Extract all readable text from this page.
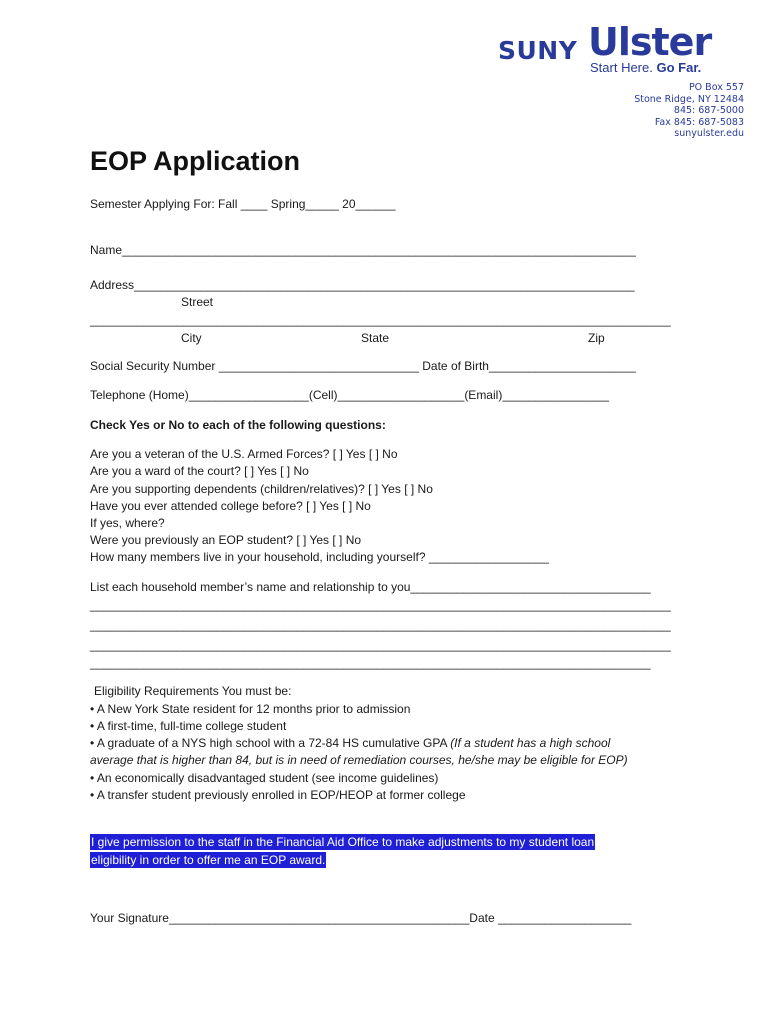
SUNY Ulster
Start Here. Go Far.
PO Box 557
Stone Ridge, NY 12484
845: 687-5000
Fax 845: 687-5083
sunyulster.edu
EOP Application
Semester Applying For: Fall ____ Spring_____ 20______
Name_____________________________________________________________________________
Address___________________________________________________________________________
Street
_______________________________________________________________________________________
City	State	Zip
Social Security Number ______________________________ Date of Birth______________________
Telephone (Home)__________________(Cell)___________________(Email)________________
Check Yes or No to each of the following questions:
Are you a veteran of the U.S. Armed Forces? [ ] Yes [ ] No
Are you a ward of the court? [ ] Yes [ ] No
Are you supporting dependents (children/relatives)? [ ] Yes [ ] No
Have you ever attended college before? [ ] Yes [ ] No
If yes, where?
Were you previously an EOP student? [ ] Yes [ ] No
How many members live in your household, including yourself? __________________
List each household member’s name and relationship to you____________________________________
_______________________________________________________________________________________
_______________________________________________________________________________________
_______________________________________________________________________________________
____________________________________________________________________________________
Eligibility Requirements You must be:
• A New York State resident for 12 months prior to admission
• A first-time, full-time college student
• A graduate of a NYS high school with a 72-84 HS cumulative GPA (If a student has a high school
average that is higher than 84, but is in need of remediation courses, he/she may be eligible for EOP)
• An economically disadvantaged student (see income guidelines)
• A transfer student previously enrolled in EOP/HEOP at former college
I give permission to the staff in the Financial Aid Office to make adjustments to my student loan
eligibility in order to offer me an EOP award.
Your Signature_____________________________________________Date ____________________
